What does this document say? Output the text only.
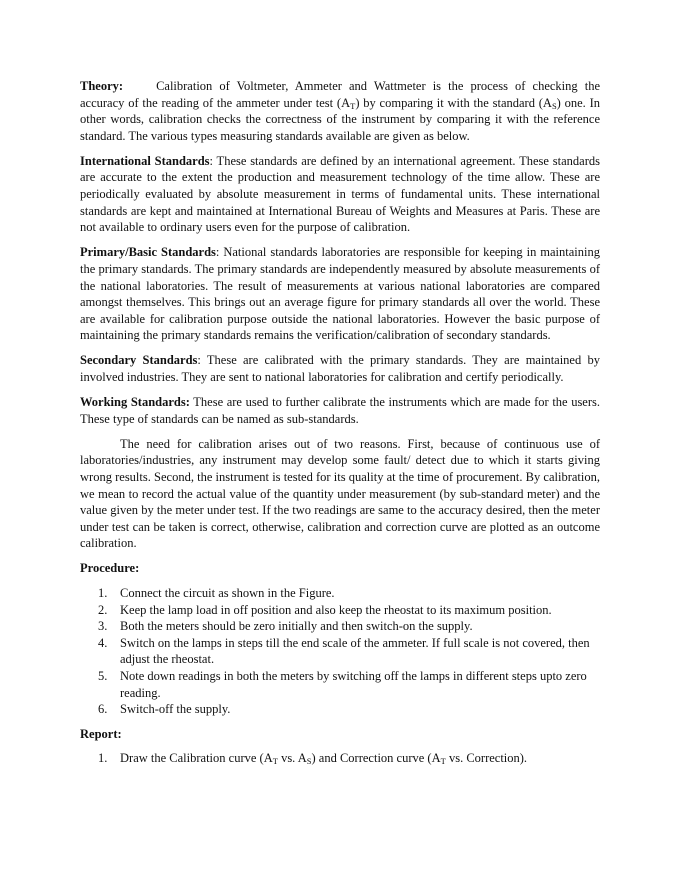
Theory:	Calibration of Voltmeter, Ammeter and Wattmeter is the process of checking the accuracy of the reading of the ammeter under test $(A_T)$ by comparing it with the standard $(A_S)$ one. In other words, calibration checks the correctness of the instrument by comparing it with the reference standard. The various types measuring standards available are given as below.

International Standards: These standards are defined by an international agreement. These standards are accurate to the extent the production and measurement technology of the time allow. These are periodically evaluated by absolute measurement in terms of fundamental units. These international standards are kept and maintained at International Bureau of Weights and Measures at Paris. These are not available to ordinary users even for the purpose of calibration.

Primary/Basic Standards: National standards laboratories are responsible for keeping in maintaining the primary standards. The primary standards are independently measured by absolute measurements of the national laboratories. The result of measurements at various national laboratories are compared amongst themselves. This brings out an average figure for primary standards all over the world. These are available for calibration purpose outside the national laboratories. However the basic purpose of maintaining the primary standards remains the verification/calibration of secondary standards.

Secondary Standards: These are calibrated with the primary standards. They are maintained by involved industries. They are sent to national laboratories for calibration and certify periodically.

Working Standards: These are used to further calibrate the instruments which are made for the users. These type of standards can be named as sub-standards.

The need for calibration arises out of two reasons. First, because of continuous use of laboratories/industries, any instrument may develop some fault/ detect due to which it starts giving wrong results. Second, the instrument is tested for its quality at the time of procurement. By calibration, we mean to record the actual value of the quantity under measurement (by sub-standard meter) and the value given by the meter under test. If the two readings are same to the accuracy desired, then the meter under test can be taken is correct, otherwise, calibration and correction curve are plotted as an outcome calibration.

Procedure:
1. Connect the circuit as shown in the Figure.
2. Keep the lamp load in off position and also keep the rheostat to its maximum position.
3. Both the meters should be zero initially and then switch-on the supply.
4. Switch on the lamps in steps till the end scale of the ammeter. If full scale is not covered, then adjust the rheostat.
5. Note down readings in both the meters by switching off the lamps in different steps upto zero reading.
6. Switch-off the supply.
Report:
1. Draw the Calibration curve ($A_T$ vs. $A_S$) and Correction curve ($A_T$ vs. Correction).
